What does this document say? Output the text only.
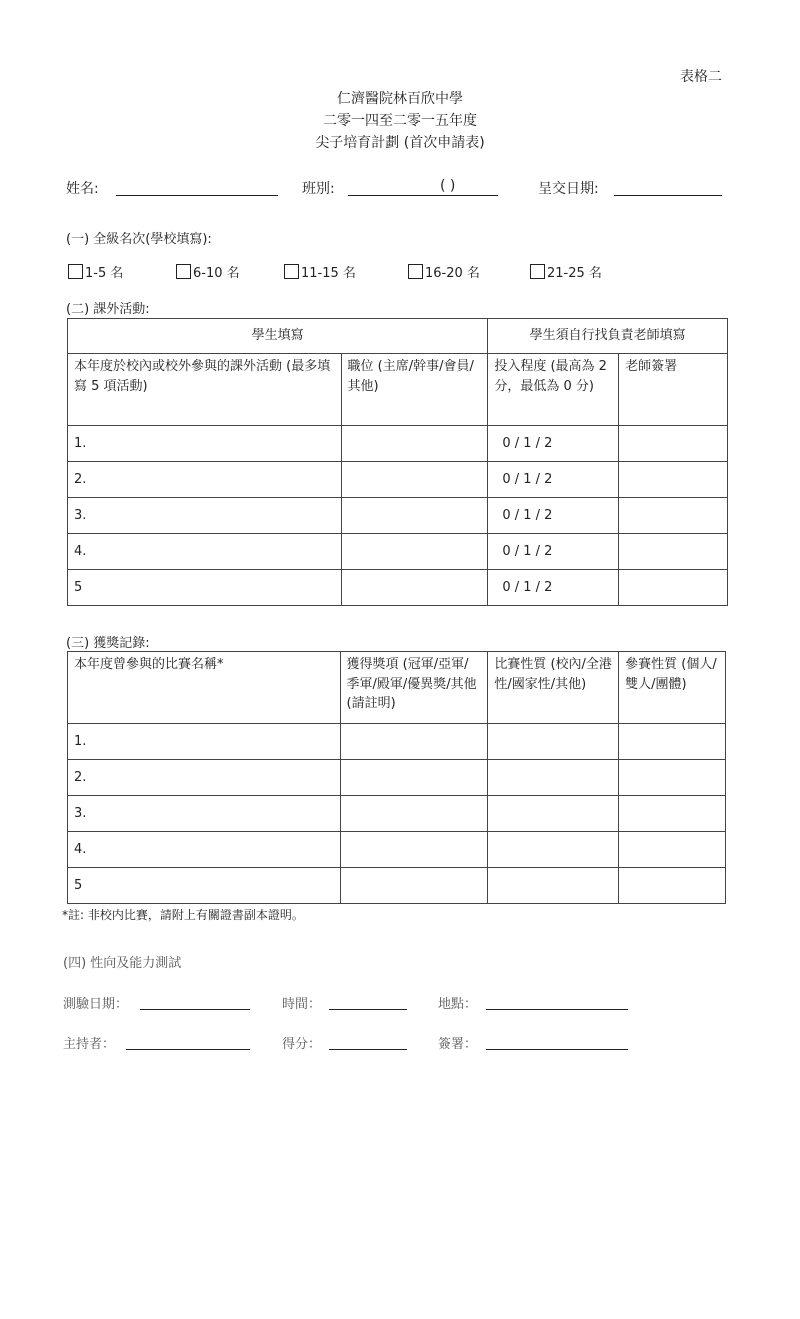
表格二
仁濟醫院林百欣中學
二零一四至二零一五年度
尖子培育計劃 (首次申請表)
姓名:	班別:	( )	呈交日期:
(一) 全級名次(學校填寫):
1-5 名	6-10 名	11-15 名	16-20 名	21-25 名
(二) 課外活動:
學生填寫		學生須自行找負責老師填寫	
本年度於校內或校外參與的課外活動 (最多填寫 5 項活動)	職位 (主席/幹事/會員/其他)	投入程度 (最高為 2 分，最低為 0 分)	老師簽署
1.		0 / 1 / 2	
2.		0 / 1 / 2	
3.		0 / 1 / 2	
4.		0 / 1 / 2	
5		0 / 1 / 2	
(三) 獲獎記錄:
本年度曾參與的比賽名稱*	獲得獎項 (冠軍/亞軍/季軍/殿軍/優異獎/其他(請註明)	比賽性質 (校內/全港性/國家性/其他)	參賽性質 (個人/雙人/團體)
1.			
2.			
3.			
4.			
5			
*註: 非校内比賽，請附上有關證書副本證明。
(四) 性向及能力測試
測驗日期：	時間：	地點：
主持者：	得分：	簽署：
